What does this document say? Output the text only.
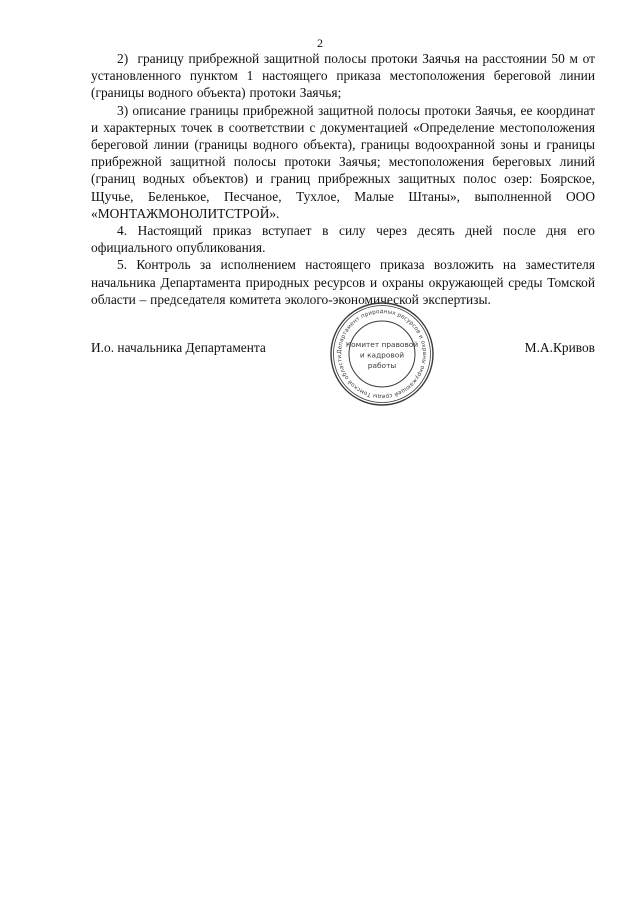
2

2)  границу прибрежной защитной полосы протоки Заячья на расстоянии 50 м от установленного пунктом 1 настоящего приказа местоположения береговой линии (границы водного объекта) протоки Заячья;

3) описание границы прибрежной защитной полосы протоки Заячья, ее координат и характерных точек в соответствии с документацией «Определение местоположения береговой линии (границы водного объекта), границы водоохранной зоны и границы прибрежной защитной полосы протоки Заячья; местоположения береговых линий (границ водных объектов) и границ прибрежных защитных полос озер: Боярское, Щучье, Беленькое, Песчаное, Тухлое, Малые Штаны», выполненной ООО «МОНТАЖМОНОЛИТСТРОЙ».

4. Настоящий приказ вступает в силу через десять дней после дня его официального опубликования.

5. Контроль за исполнением настоящего приказа возложить на заместителя начальника Департамента природных ресурсов и охраны окружающей среды Томской области – председателя комитета эколого-экономической экспертизы.

И.о. начальника Департамента	М.А.Кривов
Департамент природных ресурсов и охраны окружающей среды Томской области
Комитет правовой
и кадровой
работы
